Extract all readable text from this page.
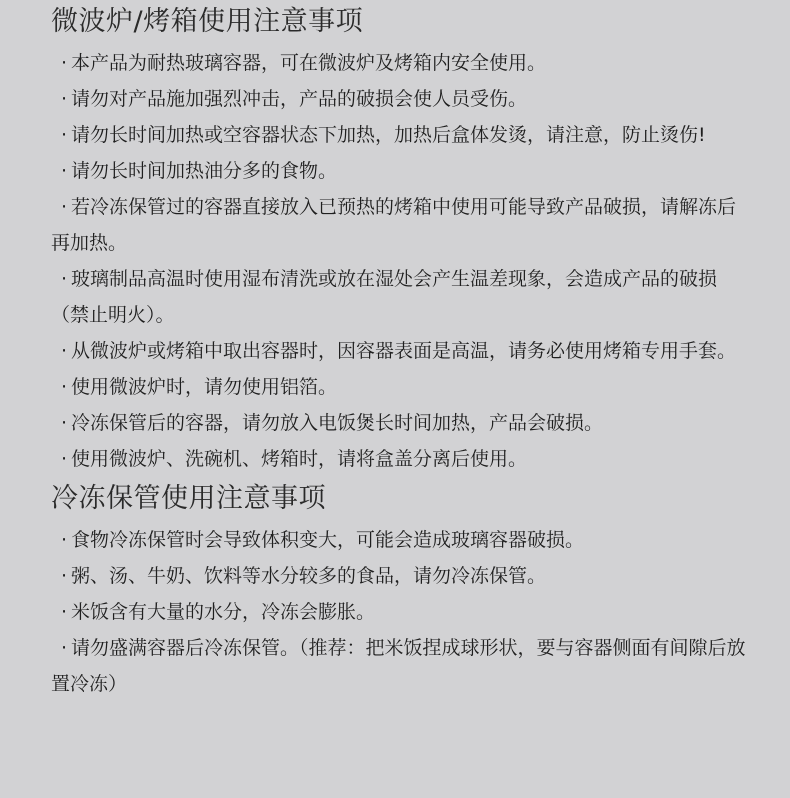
微波炉/烤箱使用注意事项
· 本产品为耐热玻璃容器，可在微波炉及烤箱内安全使用。
· 请勿对产品施加强烈冲击，产品的破损会使人员受伤。
· 请勿长时间加热或空容器状态下加热，加热后盒体发烫，请注意，防止烫伤!
· 请勿长时间加热油分多的食物。
· 若冷冻保管过的容器直接放入已预热的烤箱中使用可能导致产品破损，请解冻后再加热。
· 玻璃制品高温时使用湿布清洗或放在湿处会产生温差现象，会造成产品的破损（禁止明火）。
· 从微波炉或烤箱中取出容器时，因容器表面是高温，请务必使用烤箱专用手套。
· 使用微波炉时，请勿使用铝箔。
· 冷冻保管后的容器，请勿放入电饭煲长时间加热，产品会破损。
· 使用微波炉、洗碗机、烤箱时，请将盒盖分离后使用。
冷冻保管使用注意事项
· 食物冷冻保管时会导致体积变大，可能会造成玻璃容器破损。
· 粥、汤、牛奶、饮料等水分较多的食品，请勿冷冻保管。
· 米饭含有大量的水分，冷冻会膨胀。
· 请勿盛满容器后冷冻保管。（推荐：把米饭捏成球形状，要与容器侧面有间隙后放置冷冻）
